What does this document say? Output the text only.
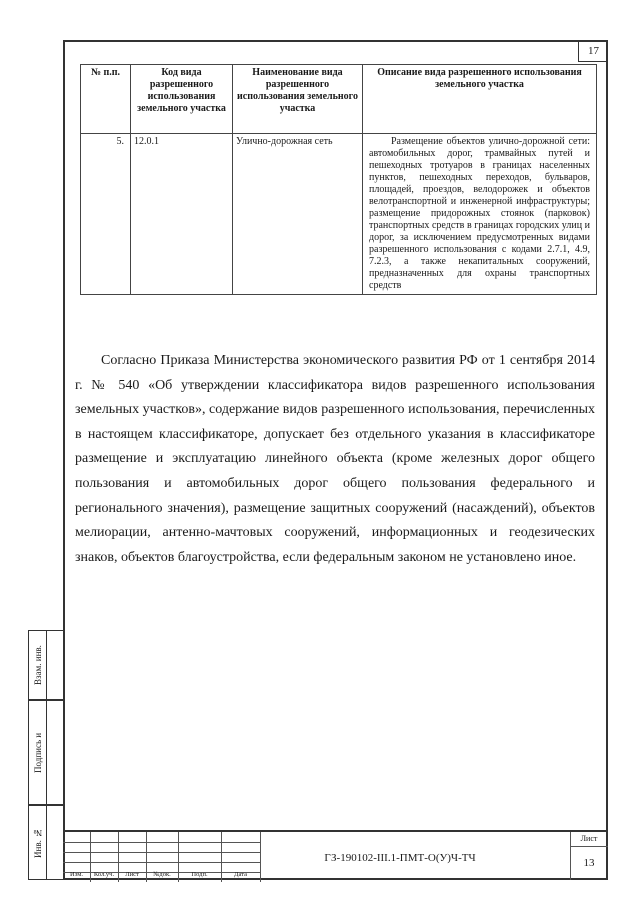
17
№ п.п.	Код вида разрешенного использования земельного участка	Наименование вида разрешенного использования земельного участка	Описание вида разрешенного использования земельного участка
5.	12.0.1	Улично-дорожная сеть	Размещение объектов улично-дорожной сети: автомобильных дорог, трамвайных путей и пешеходных тротуаров в границах населенных пунктов, пешеходных переходов, бульваров, площадей, проездов, велодорожек и объектов велотранспортной и инженерной инфраструктуры; размещение придорожных стоянок (парковок) транспортных средств в границах городских улиц и дорог, за исключением предусмотренных видами разрешенного использования с кодами 2.7.1, 4.9, 7.2.3, а также некапитальных сооружений, предназначенных для охраны транспортных средств
Согласно Приказа Министерства экономического развития РФ от 1 сентября 2014 г. № 540 «Об утверждении классификатора видов разрешенного использования земельных участков», содержание видов разрешенного использования, перечисленных в настоящем классификаторе, допускает без отдельного указания в классификаторе размещение и эксплуатацию линейного объекта (кроме железных дорог общего пользования и автомобильных дорог общего пользования федерального и регионального значения), размещение защитных сооружений (насаждений), объектов мелиорации, антенно-мачтовых сооружений, информационных и геодезических знаков, объектов благоустройства, если федеральным законом не установлено иное.
Взам. инв.
Подпись и
Инв. №
Изм.	Кол.уч.	Лист	№док.	Подп.	Дата
ГЗ-190102-III.1-ПМТ-О(У)Ч-ТЧ
Лист
13
